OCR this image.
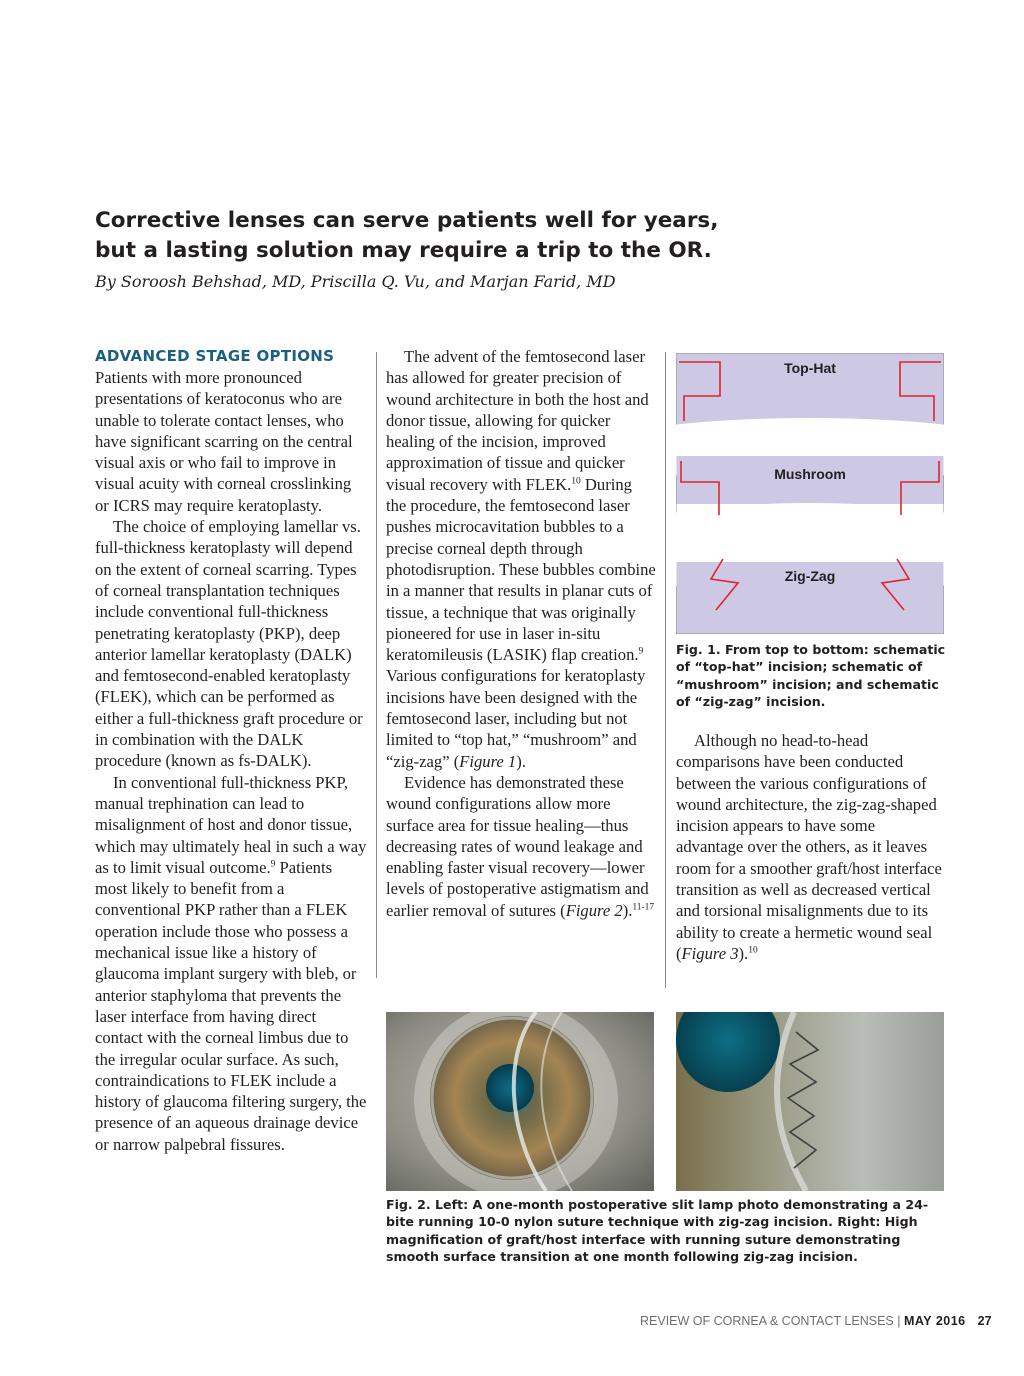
Corrective lenses can serve patients well for years,
but a lasting solution may require a trip to the OR.
By Soroosh Behshad, MD, Priscilla Q. Vu, and Marjan Farid, MD

ADVANCED STAGE OPTIONS

Patients with more pronounced presentations of keratoconus who are unable to tolerate contact lenses, who have significant scarring on the central visual axis or who fail to improve in visual acuity with corneal crosslinking or ICRS may require keratoplasty.

The choice of employing lamellar vs. full-thickness keratoplasty will depend on the extent of corneal scarring. Types of corneal transplantation techniques include conventional full-thickness penetrating keratoplasty (PKP), deep anterior lamellar keratoplasty (DALK) and femtosecond-enabled keratoplasty (FLEK), which can be performed as either a full-thickness graft procedure or in combination with the DALK procedure (known as fs-DALK).

In conventional full-thickness PKP, manual trephination can lead to misalignment of host and donor tissue, which may ultimately heal in such a way as to limit visual outcome.$^9$ Patients most likely to benefit from a conventional PKP rather than a FLEK operation include those who possess a mechanical issue like a history of glaucoma implant surgery with bleb, or anterior staphyloma that prevents the laser interface from having direct contact with the corneal limbus due to the irregular ocular surface. As such, contraindications to FLEK include a history of glaucoma filtering surgery, the presence of an aqueous drainage device or narrow palpebral fissures.

The advent of the femtosecond laser has allowed for greater precision of wound architecture in both the host and donor tissue, allowing for quicker healing of the incision, improved approximation of tissue and quicker visual recovery with FLEK.$^{10}$ During the procedure, the femtosecond laser pushes microcavitation bubbles to a precise corneal depth through photodisruption. These bubbles combine in a manner that results in planar cuts of tissue, a technique that was originally pioneered for use in laser in-situ keratomileusis (LASIK) flap creation.$^9$ Various configurations for keratoplasty incisions have been designed with the femtosecond laser, including but not limited to “top hat,” “mushroom” and “zig-zag” (Figure 1).

Evidence has demonstrated these wound configurations allow more surface area for tissue healing—thus decreasing rates of wound leakage and enabling faster visual recovery—lower levels of postoperative astigmatism and earlier removal of sutures (Figure 2).$^{11-17}$

Top-Hat
Mushroom
Zig-Zag

Fig. 1. From top to bottom: schematic of “top-hat” incision; schematic of “mushroom” incision; and schematic of “zig-zag” incision.

Although no head-to-head comparisons have been conducted between the various configurations of wound architecture, the zig-zag-shaped incision appears to have some advantage over the others, as it leaves room for a smoother graft/host interface transition as well as decreased vertical and torsional misalignments due to its ability to create a hermetic wound seal (Figure 3).$^{10}$

Fig. 2. Left: A one-month postoperative slit lamp photo demonstrating a 24-bite running 10-0 nylon suture technique with zig-zag incision. Right: High magnification of graft/host interface with running suture demonstrating smooth surface transition at one month following zig-zag incision.

REVIEW OF CORNEA & CONTACT LENSES | MAY 2016 27
